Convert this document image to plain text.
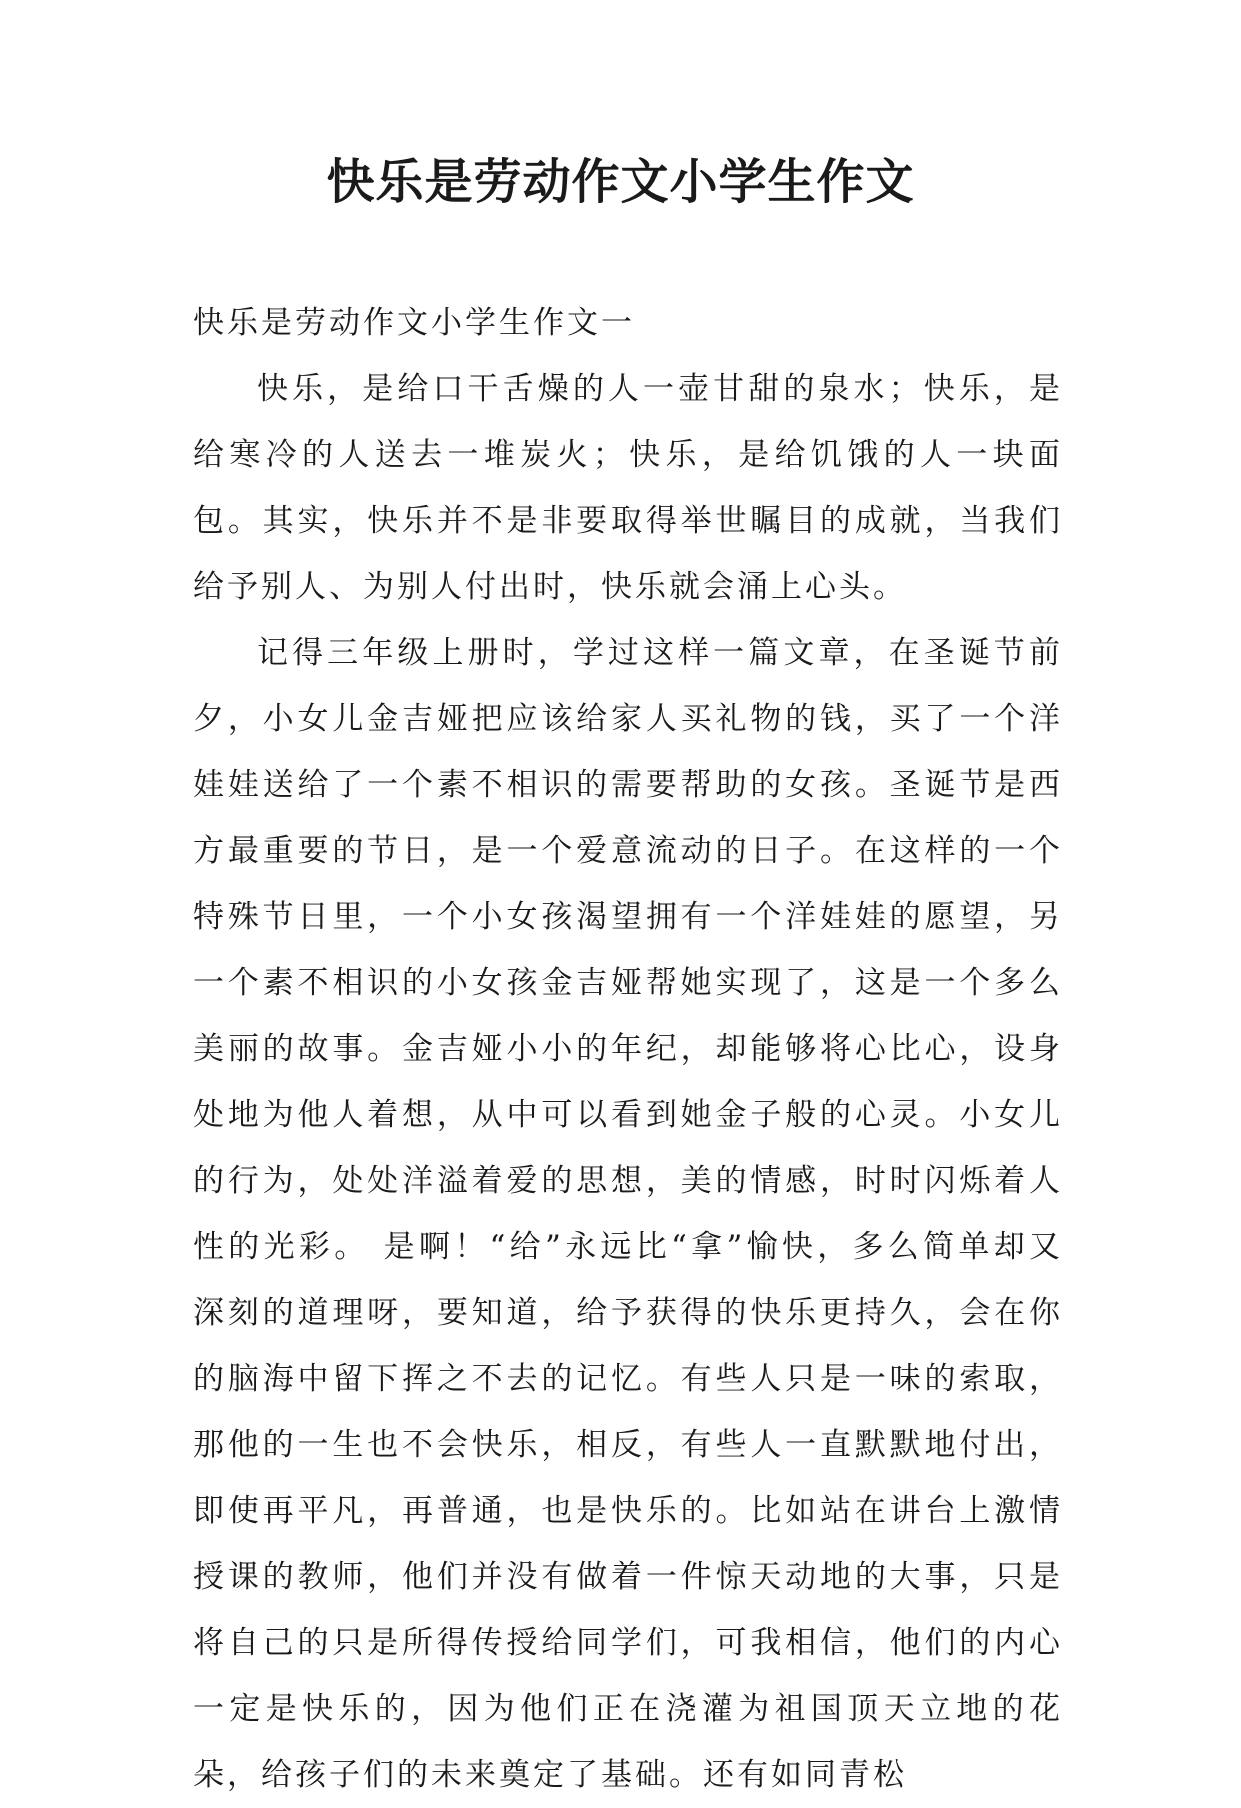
快乐是劳动作文小学生作文

快乐是劳动作文小学生作文一

快乐，是给口干舌燥的人一壶甘甜的泉水；快乐，是给寒冷的人送去一堆炭火；快乐，是给饥饿的人一块面包。其实，快乐并不是非要取得举世瞩目的成就，当我们给予别人、为别人付出时，快乐就会涌上心头。

记得三年级上册时，学过这样一篇文章，在圣诞节前夕，小女儿金吉娅把应该给家人买礼物的钱，买了一个洋娃娃送给了一个素不相识的需要帮助的女孩。圣诞节是西方最重要的节日，是一个爱意流动的日子。在这样的一个特殊节日里，一个小女孩渴望拥有一个洋娃娃的愿望，另一个素不相识的小女孩金吉娅帮她实现了，这是一个多么美丽的故事。金吉娅小小的年纪，却能够将心比心，设身处地为他人着想，从中可以看到她金子般的心灵。小女儿的行为，处处洋溢着爱的思想，美的情感，时时闪烁着人性的光彩。 是啊！“给”永远比“拿”愉快，多么简单却又深刻的道理呀，要知道，给予获得的快乐更持久，会在你的脑海中留下挥之不去的记忆。有些人只是一味的索取，那他的一生也不会快乐，相反，有些人一直默默地付出，即使再平凡，再普通，也是快乐的。比如站在讲台上激情授课的教师，他们并没有做着一件惊天动地的大事，只是将自己的只是所得传授给同学们，可我相信，他们的内心一定是快乐的，因为他们正在浇灌为祖国顶天立地的花朵，给孩子们的未来奠定了基础。还有如同青松
